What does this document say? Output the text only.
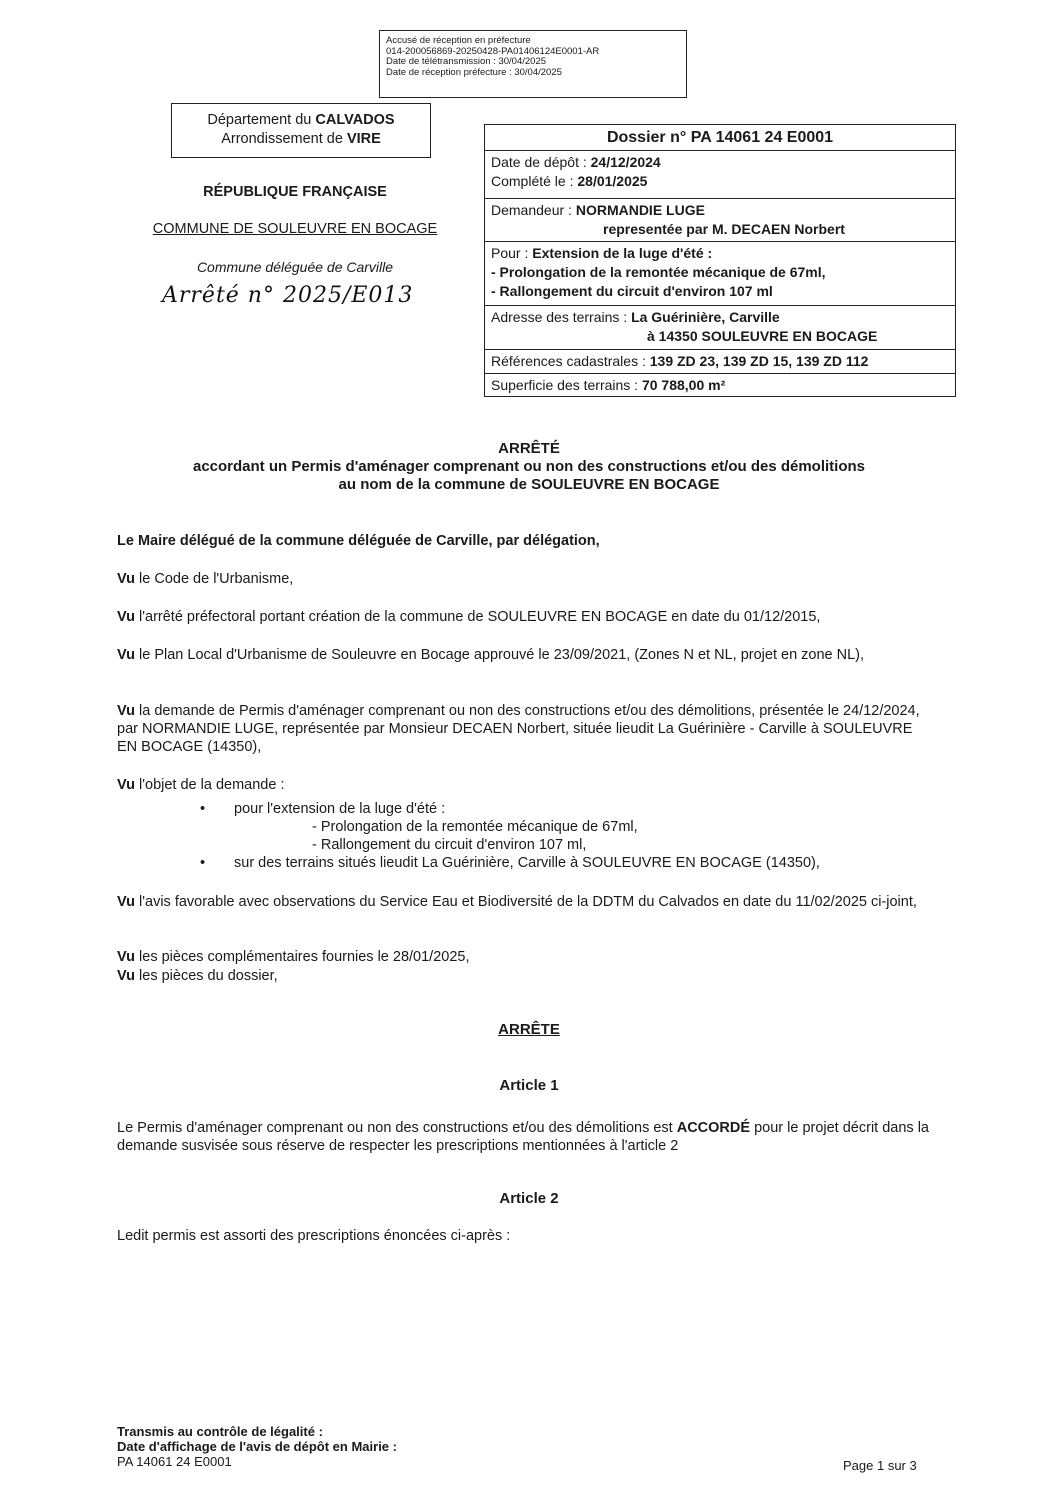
Accusé de réception en préfecture
014-200056869-20250428-PA01406124E0001-AR
Date de télétransmission : 30/04/2025
Date de réception préfecture : 30/04/2025
Département du CALVADOS
Arrondissement de VIRE
RÉPUBLIQUE FRANÇAISE
COMMUNE DE SOULEUVRE EN BOCAGE
Commune déléguée de Carville
Arrêté n° 2025/E013
Dossier n° PA 14061 24 E0001
Date de dépôt : 24/12/2024
Complété le : 28/01/2025
Demandeur : NORMANDIE LUGE
representée par M. DECAEN Norbert
Pour : Extension de la luge d'été :
- Prolongation de la remontée mécanique de 67ml,
- Rallongement du circuit d'environ 107 ml
Adresse des terrains : La Guérinière, Carville
à 14350 SOULEUVRE EN BOCAGE
Références cadastrales : 139 ZD 23, 139 ZD 15, 139 ZD 112
Superficie des terrains : 70 788,00 m²
ARRÊTÉ
accordant un Permis d'aménager comprenant ou non des constructions et/ou des démolitions
au nom de la commune de SOULEUVRE EN BOCAGE
Le Maire délégué de la commune déléguée de Carville, par délégation,
Vu le Code de l'Urbanisme,
Vu l'arrêté préfectoral portant création de la commune de SOULEUVRE EN BOCAGE en date du 01/12/2015,
Vu le Plan Local d'Urbanisme de Souleuvre en Bocage approuvé le 23/09/2021, (Zones N et NL, projet en zone NL),
Vu la demande de Permis d'aménager comprenant ou non des constructions et/ou des démolitions, présentée le 24/12/2024, par NORMANDIE LUGE, représentée par Monsieur DECAEN Norbert, située lieudit La Guérinière - Carville à SOULEUVRE EN BOCAGE (14350),
Vu l'objet de la demande :
• pour l'extension de la luge d'été :
- Prolongation de la remontée mécanique de 67ml,
- Rallongement du circuit d'environ 107 ml,
• sur des terrains situés lieudit La Guérinière, Carville à SOULEUVRE EN BOCAGE (14350),
Vu l'avis favorable avec observations du Service Eau et Biodiversité de la DDTM du Calvados en date du 11/02/2025 ci-joint,
Vu les pièces complémentaires fournies le 28/01/2025,
Vu les pièces du dossier,
ARRÊTE
Article 1
Le Permis d'aménager comprenant ou non des constructions et/ou des démolitions est ACCORDÉ pour le projet décrit dans la demande susvisée sous réserve de respecter les prescriptions mentionnées à l'article 2
Article 2
Ledit permis est assorti des prescriptions énoncées ci-après :
Transmis au contrôle de légalité :
Date d'affichage de l'avis de dépôt en Mairie :
PA 14061 24 E0001	Page 1 sur 3
